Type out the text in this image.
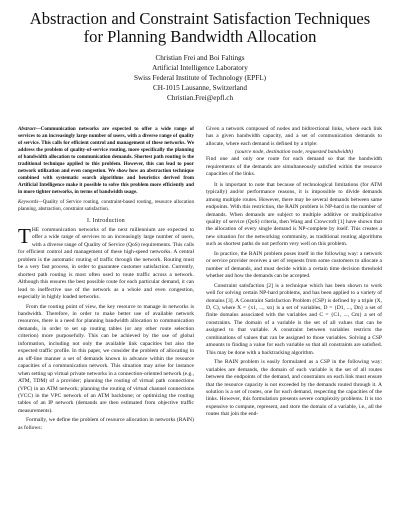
Abstraction and Constraint Satisfaction Techniques
for Planning Bandwidth Allocation
Christian Frei and Boi Faltings
Artificial Intelligence Laboratory
Swiss Federal Institute of Technology (EPFL)
CH-1015 Lausanne, Switzerland
Christian.Frei@epfl.ch

Abstract—Communication networks are expected to offer a wide range of services to an increasingly large number of users, with a diverse range of quality of service. This calls for efficient control and management of these networks. We address the problem of quality-of-service routing, more specifically the planning of bandwidth allocation to communication demands. Shortest path routing is the traditional technique applied to this problem. However, this can lead to poor network utilization and even congestion. We show how an abstraction technique combined with systematic search algorithms and heuristics derived from Artificial Intelligence make it possible to solve this problem more efficiently and in more tighter networks, in terms of bandwidth usage.

Keywords—Quality of Service routing, constraint-based routing, resource allocation planning, abstraction, constraint satisfaction.

I. Introduction

THE communication networks of the next millennium are expected to offer a wide range of services to an increasingly large number of users, with a diverse range of Quality of Service (QoS) requirements. This calls for efficient control and management of these high-speed networks. A central problem is the automatic routing of traffic through the network. Routing must be a very fast process, in order to guarantee customer satisfaction. Currently, shortest path routing is most often used to route traffic across a network. Although this ensures the best possible route for each particular demand, it can lead to ineffective use of the network as a whole and even congestion, especially in highly loaded networks.

From the routing point of view, the key resource to manage in networks is bandwidth. Therefore, in order to make better use of available network resources, there is a need for planning bandwidth allocation to communication demands, in order to set up routing tables (or any other route selection criterion) more purposefully. This can be achieved by the use of global information, including not only the available link capacities but also the expected traffic profile. In this paper, we consider the problem of allocating in an off-line manner a set of demands known in advance within the resource capacities of a communication network. This situation may arise for instance when setting up virtual private networks in a connection-oriented network (e.g., ATM, TDM) of a provider; planning the routing of virtual path connections (VPC) in an ATM network; planning the routing of virtual channel connections (VCC) in the VPC network of an ATM backbone; or optimizing the routing tables of an IP network (demands are then estimated from objective traffic measurements).

Formally, we define the problem of resource allocation in networks (RAIN) as follows:

Given a network composed of nodes and bidirectional links, where each link has a given bandwidth capacity, and a set of communication demands to allocate, where each demand is defined by a triple:

(source node, destination node, requested bandwidth)

Find one and only one route for each demand so that the bandwidth requirements of the demands are simultaneously satisfied within the resource capacities of the links.

It is important to note that because of technological limitations (for ATM typically) and/or performance reasons, it is impossible to divide demands among multiple routes. However, there may be several demands between same endpoints. With this restriction, the RAIN problem is NP-hard in the number of demands. When demands are subject to multiple additive or multiplicative quality of service (QoS) criteria, then Wang and Crowcroft [1] have shown that the allocation of every single demand is NP-complete by itself. This creates a new situation for the networking community, as traditional routing algorithms such as shortest paths do not perform very well on this problem.

In practice, the RAIN problem poses itself in the following way: a network or service provider receives a set of requests from some customers to allocate a number of demands, and must decide within a certain time decision threshold whether and how the demands can be accepted.

Constraint satisfaction [2] is a technique which has been shown to work well for solving certain NP-hard problems, and has been applied to a variety of domains [3]. A Constraint Satisfaction Problem (CSP) is defined by a triple (X, D, C), where X = {x1, ..., xn} is a set of variables, D = {D1, ..., Dn} a set of finite domains associated with the variables and C = {C1, ..., Cm} a set of constraints. The domain of a variable is the set of all values that can be assigned to that variable. A constraint between variables restricts the combinations of values that can be assigned to those variables. Solving a CSP amounts to finding a value for each variable so that all constraints are satisfied. This may be done with a backtracking algorithm.

The RAIN problem is easily formulated as a CSP in the following way: variables are demands, the domain of each variable is the set of all routes between the endpoints of the demand, and constraints on each link must ensure that the resource capacity is not exceeded by the demands routed through it. A solution is a set of routes, one for each demand, respecting the capacities of the links. However, this formulation presents severe complexity problems. It is too expensive to compute, represent, and store the domain of a variable, i.e., all the routes that join the end-
